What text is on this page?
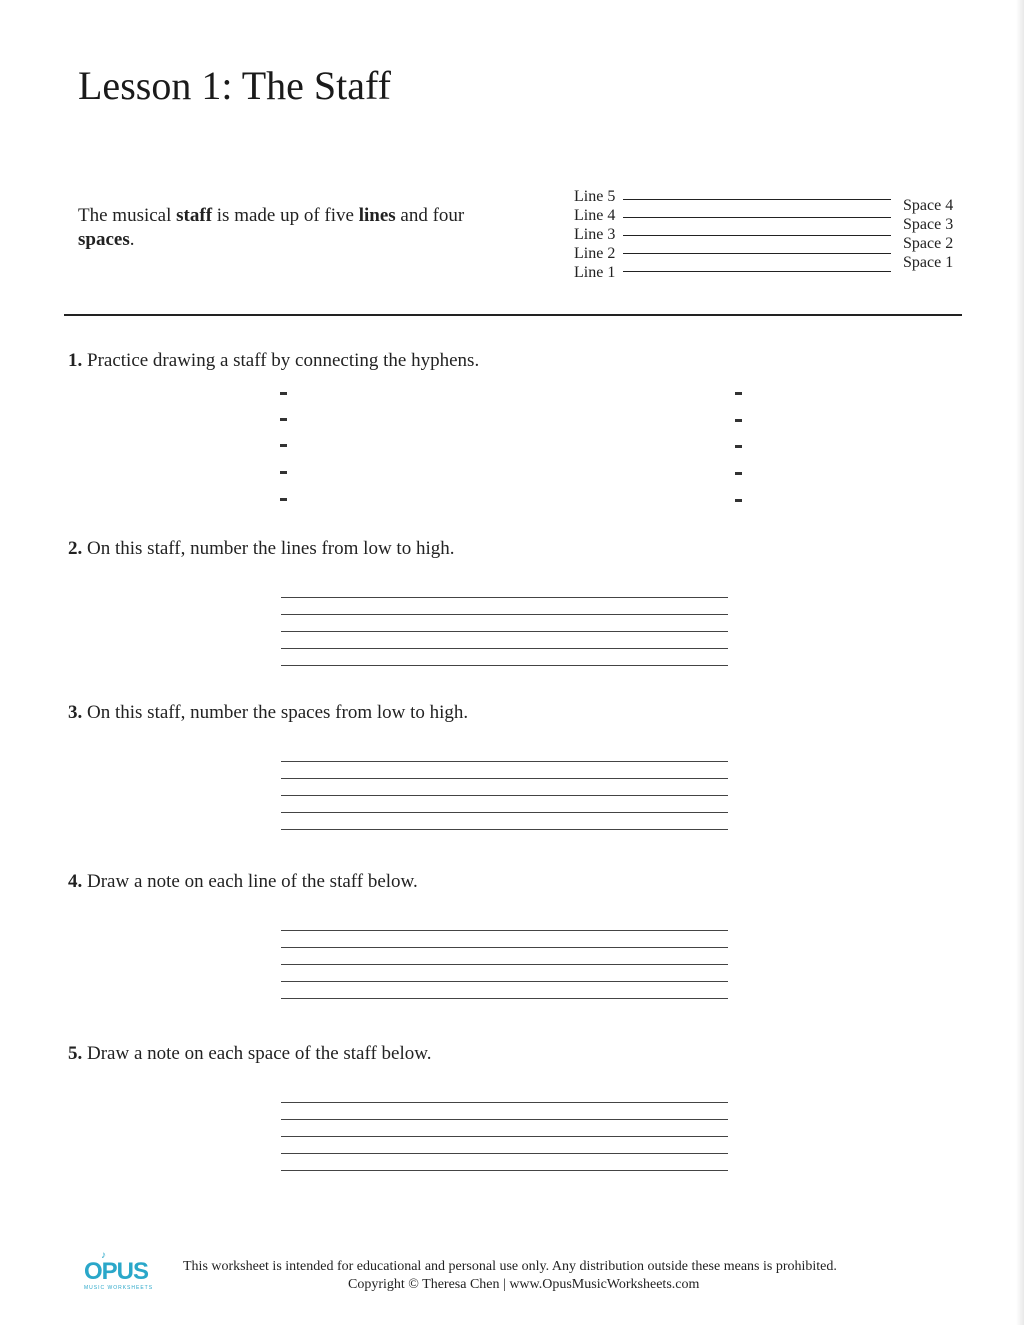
Lesson 1: The Staff

The musical staff is made up of five lines and four spaces.

Line 5
Line 4
Line 3
Line 2
Line 1
Space 4
Space 3
Space 2
Space 1

1. Practice drawing a staff by connecting the hyphens.

2. On this staff, number the lines from low to high.

3. On this staff, number the spaces from low to high.

4. Draw a note on each line of the staff below.

5. Draw a note on each space of the staff below.

♪
OPUS
MUSIC WORKSHEETS
This worksheet is intended for educational and personal use only. Any distribution outside these means is prohibited.
Copyright © Theresa Chen | www.OpusMusicWorksheets.com
